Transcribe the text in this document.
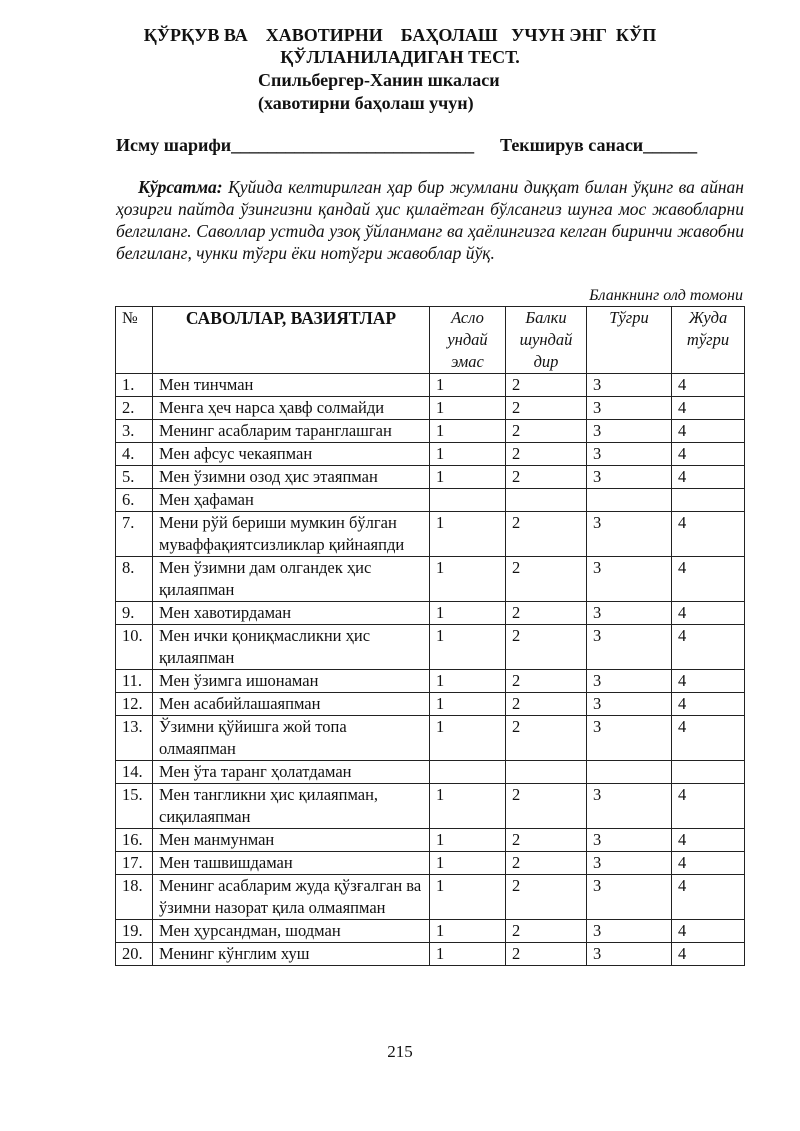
ҚЎРҚУВ ВА    ХАВОТИРНИ    БАҲОЛАШ   УЧУН ЭНГ  КЎП
ҚЎЛЛАНИЛАДИГАН ТЕСТ.
Спильбергер-Ханин шкаласи
(хавотирни баҳолаш учун)
Исму шарифи___________________________ Текширув санаси______
Кўрсатма: Қуйида келтирилган ҳар бир жумлани диққат билан ўқинг ва айнан ҳозирги пайтда ўзингизни қандай ҳис қилаётган бўлсангиз шунга мос жавобларни белгиланг. Саволлар устида узоқ ўйланманг ва ҳаёлингизга келган биринчи жавобни белгиланг, чунки тўгри ёки нотўгри жавоблар йўқ.
Бланкнинг олд томони
№	САВОЛЛАР, ВАЗИЯТЛАР	Асло ундай эмас	Балки шундай дир	Тўгри	Жуда тўгри
1.	Мен тинчман	1	2	3	4
2.	Менга ҳеч нарса ҳавф солмайди	1	2	3	4
3.	Менинг асабларим таранглашган	1	2	3	4
4.	Мен афсус чекаяпман	1	2	3	4
5.	Мен ўзимни озод ҳис этаяпман	1	2	3	4
6.	Мен ҳафаман				
7.	Мени рўй бериши мумкин бўлган муваффақиятсизликлар қийнаяпди	1	2	3	4
8.	Мен ўзимни дам олгандек ҳис қилаяпман	1	2	3	4
9.	Мен хавотирдаман	1	2	3	4
10.	Мен ички қониқмасликни ҳис қилаяпман	1	2	3	4
11.	Мен ўзимга ишонаман	1	2	3	4
12.	Мен асабийлашаяпман	1	2	3	4
13.	Ўзимни қўйишга жой топа олмаяпман	1	2	3	4
14.	Мен ўта таранг ҳолатдаман				
15.	Мен тангликни ҳис қилаяпман, сиқилаяпман	1	2	3	4
16.	Мен манмунман	1	2	3	4
17.	Мен ташвишдаман	1	2	3	4
18.	Менинг асабларим жуда қўзғалган ва ўзимни назорат қила олмаяпман	1	2	3	4
19.	Мен ҳурсандман, шодман	1	2	3	4
20.	Менинг кўнглим хуш	1	2	3	4
215
